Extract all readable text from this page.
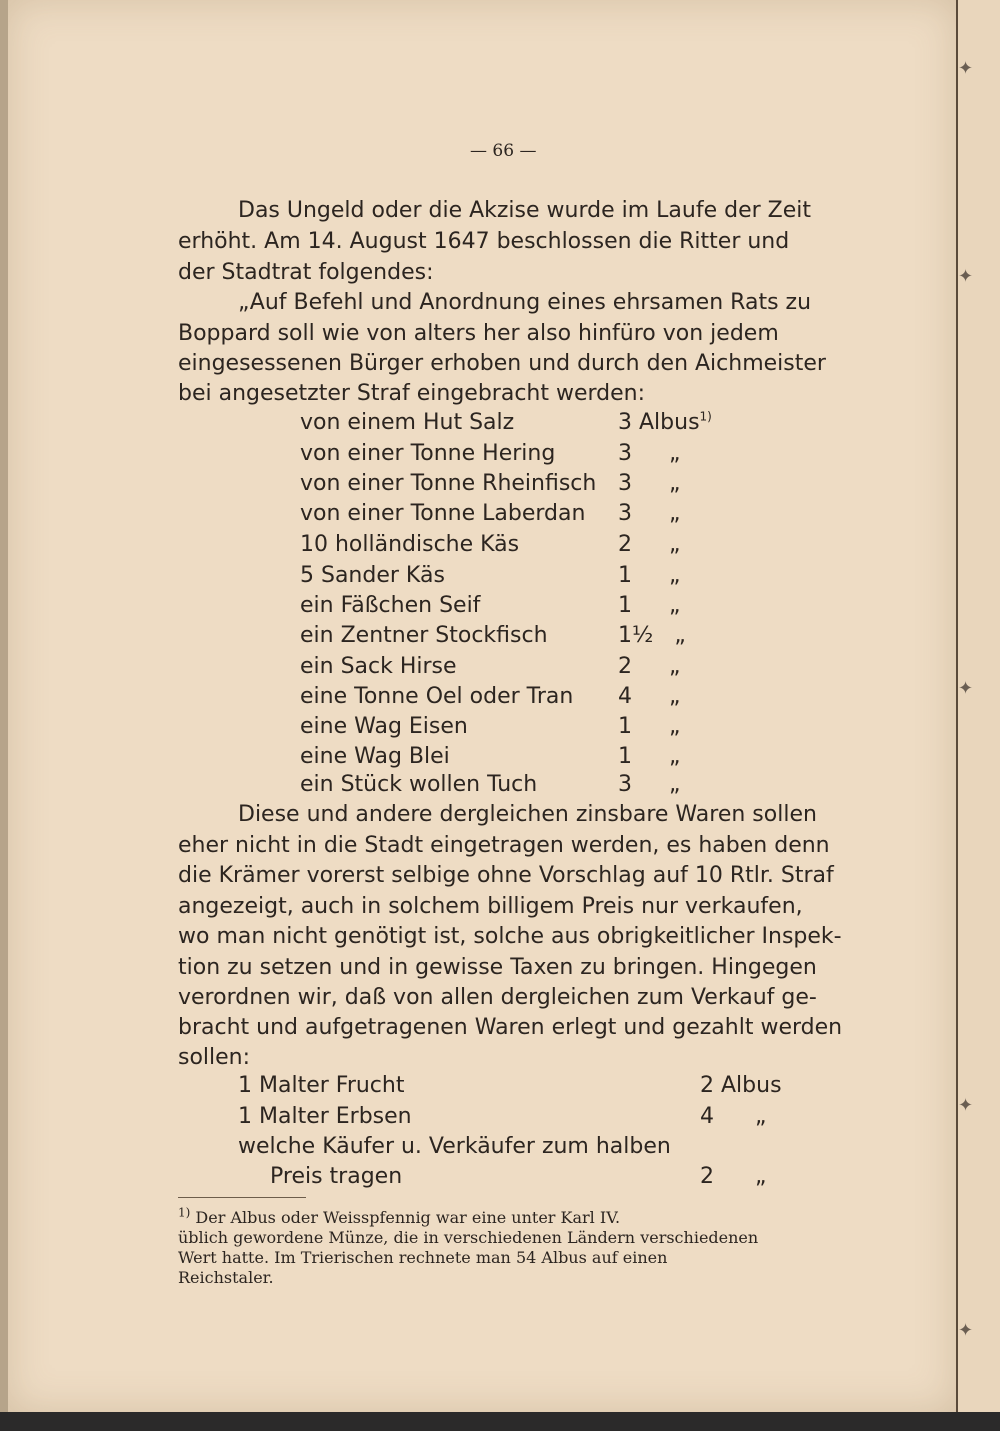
✦
✦
✦
✦
✦
— 66 —
Das Ungeld oder die Akzise wurde im Laufe der Zeit
erhöht. Am 14. August 1647 beschlossen die Ritter und
der Stadtrat folgendes:
„Auf Befehl und Anordnung eines ehrsamen Rats zu
Boppard soll wie von alters her also hinfüro von jedem
eingesessenen Bürger erhoben und durch den Aichmeister
bei angesetzter Straf eingebracht werden:
von einem Hut Salz	3 Albus$^{1)}$
von einer Tonne Hering	3 „
von einer Tonne Rheinfisch 3 „
von einer Tonne Laberdan 3 „
10 holländische Käs	2 „
5 Sander Käs	1 „
ein Fäßchen Seif	1 „
ein Zentner Stockfisch	1½ „
ein Sack Hirse	2 „
eine Tonne Oel oder Tran 4 „
eine Wag Eisen	1 „
eine Wag Blei	1 „
ein Stück wollen Tuch	3 „
Diese und andere dergleichen zinsbare Waren sollen
eher nicht in die Stadt eingetragen werden, es haben denn
die Krämer vorerst selbige ohne Vorschlag auf 10 Rtlr. Straf
angezeigt, auch in solchem billigem Preis nur verkaufen,
wo man nicht genötigt ist, solche aus obrigkeitlicher Inspek-
tion zu setzen und in gewisse Taxen zu bringen. Hingegen
verordnen wir, daß von allen dergleichen zum Verkauf ge-
bracht und aufgetragenen Waren erlegt und gezahlt werden
sollen:
1 Malter Frucht	2 Albus
1 Malter Erbsen	4 „
welche Käufer u. Verkäufer zum halben
Preis tragen	2 „
$^{1)}$ Der Albus oder Weisspfennig war eine unter Karl IV.
üblich gewordene Münze, die in verschiedenen Ländern verschiedenen
Wert hatte. Im Trierischen rechnete man 54 Albus auf einen
Reichstaler.
